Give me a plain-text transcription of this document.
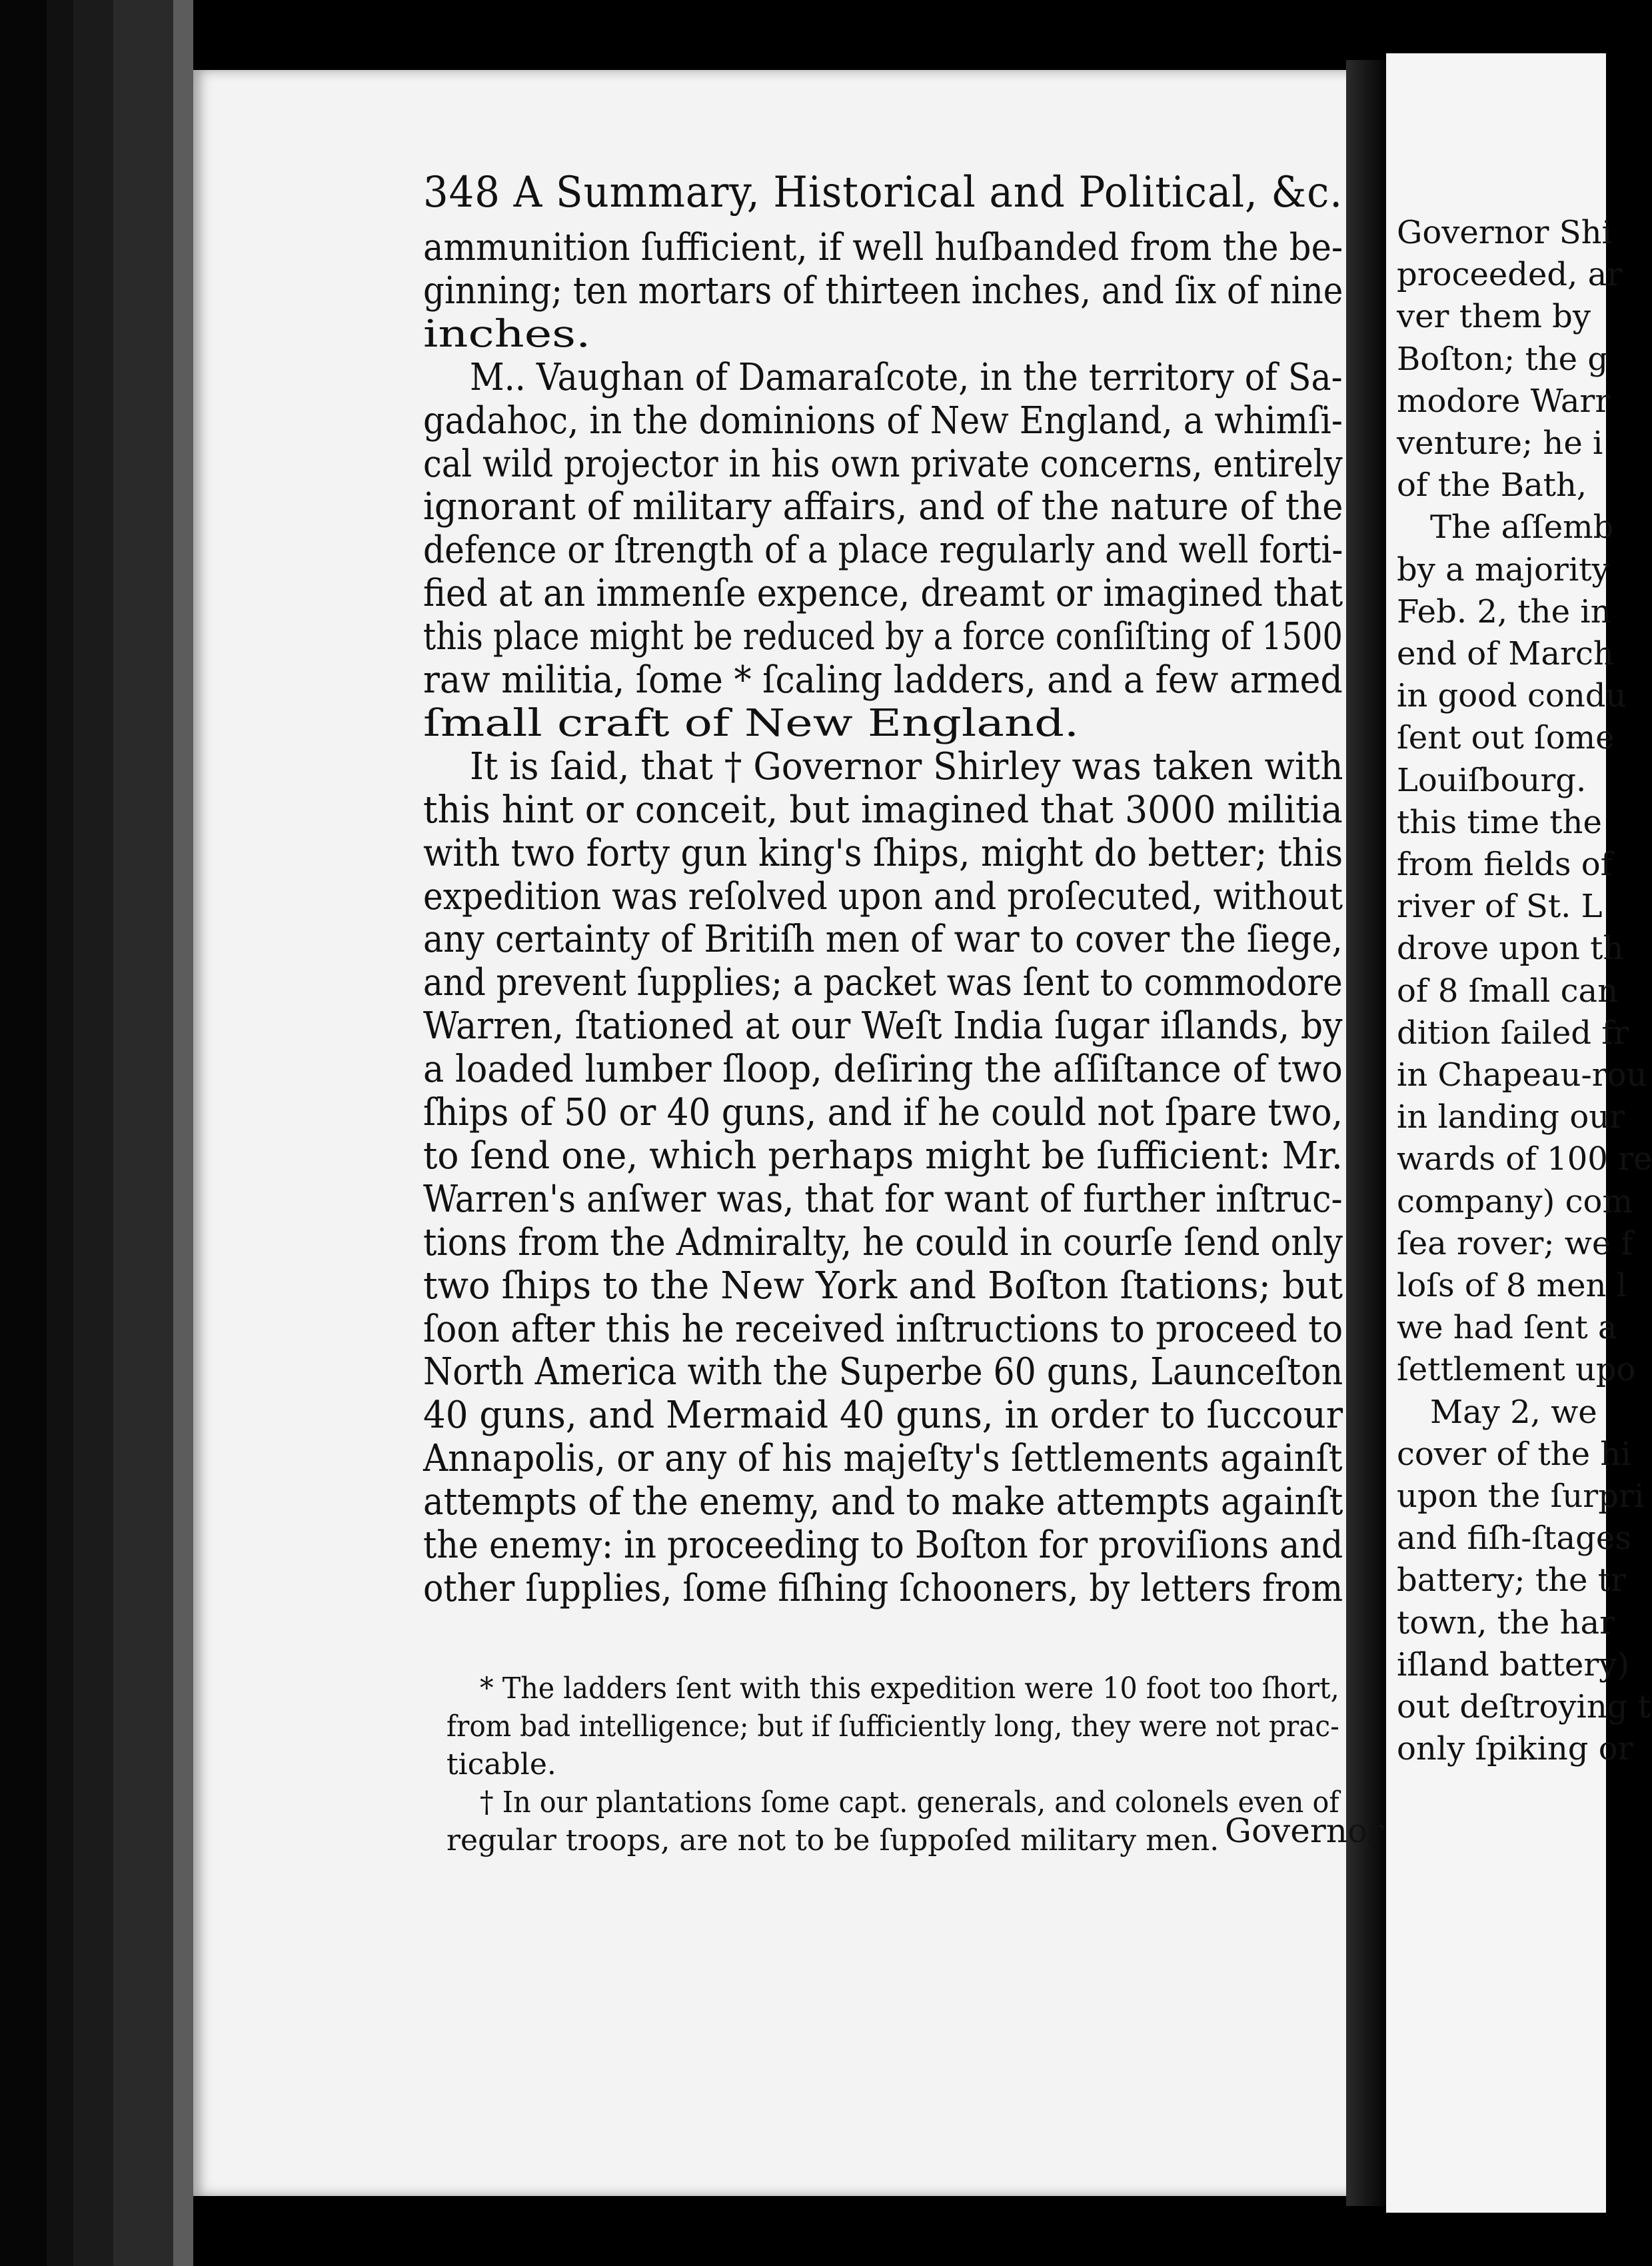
Governor Shi
proceeded, ar
ver them by
Boſton; the g
modore Warr
venture; he i
of the Bath,
The aſſemb
by a majority
Feb. 2, the in
end of March
in good condu
ſent out ſome
Louiſbourg.
this time the
from fields of
river of St. L
drove upon th
of 8 ſmall can
dition ſailed fr
in Chapeau-rou
in landing our
wards of 100 re
company) com
ſea rover; we f
loſs of 8 men l
we had ſent a
ſettlement upo
May 2, we
cover of the hi
upon the ſurpri
and fiſh-ſtages
battery; the tr
town, the har
iſland battery)
out deſtroying t
only ſpiking or
348 A Summary, Historical and Political, &c.
Governor
ammunition ſufficient, if well huſbanded from the be-
ginning; ten mortars of thirteen inches, and ſix of nine
inches.
M.. Vaughan of Damaraſcote, in the territory of Sa-
gadahoc, in the dominions of New England, a whimſi-
cal wild projector in his own private concerns, entirely
ignorant of military affairs, and of the nature of the
defence or ſtrength of a place regularly and well forti-
fied at an immenſe expence, dreamt or imagined that
this place might be reduced by a force conſiſting of 1500
raw militia, ſome * ſcaling ladders, and a few armed
ſmall craft of New England.
It is ſaid, that † Governor Shirley was taken with
this hint or conceit, but imagined that 3000 militia
with two forty gun king's ſhips, might do better; this
expedition was reſolved upon and proſecuted, without
any certainty of Britiſh men of war to cover the ſiege,
and prevent ſupplies; a packet was ſent to commodore
Warren, ſtationed at our Weſt India ſugar iſlands, by
a loaded lumber ſloop, deſiring the aſſiſtance of two
ſhips of 50 or 40 guns, and if he could not ſpare two,
to ſend one, which perhaps might be ſufficient: Mr.
Warren's anſwer was, that for want of further inſtruc-
tions from the Admiralty, he could in courſe ſend only
two ſhips to the New York and Boſton ſtations; but
ſoon after this he received inſtructions to proceed to
North America with the Superbe 60 guns, Launceſton
40 guns, and Mermaid 40 guns, in order to ſuccour
Annapolis, or any of his majeſty's ſettlements againſt
attempts of the enemy, and to make attempts againſt
the enemy: in proceeding to Boſton for proviſions and
other ſupplies, ſome fiſhing ſchooners, by letters from
* The ladders ſent with this expedition were 10 foot too ſhort,
from bad intelligence; but if ſufficiently long, they were not prac-
ticable.
† In our plantations ſome capt. generals, and colonels even of
regular troops, are not to be ſuppoſed military men.
